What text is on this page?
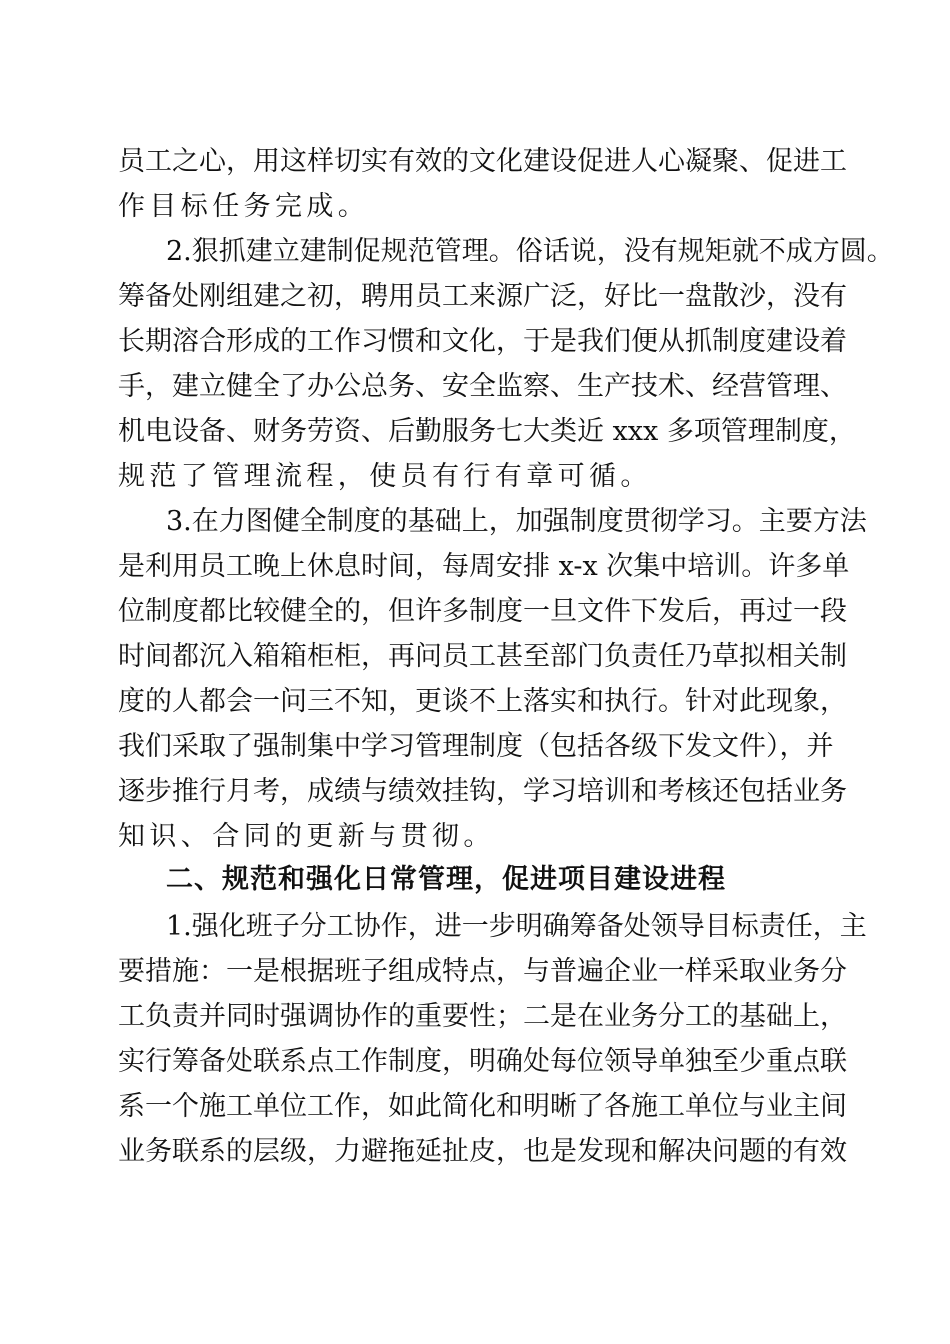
员工之心，用这样切实有效的文化建设促进人心凝聚、促进工
作目标任务完成。
2.狠抓建立建制促规范管理。俗话说，没有规矩就不成方圆。
筹备处刚组建之初，聘用员工来源广泛，好比一盘散沙，没有
长期溶合形成的工作习惯和文化，于是我们便从抓制度建设着
手，建立健全了办公总务、安全监察、生产技术、经营管理、
机电设备、财务劳资、后勤服务七大类近 xxx 多项管理制度，
规范了管理流程，使员有行有章可循。
3.在力图健全制度的基础上，加强制度贯彻学习。主要方法
是利用员工晚上休息时间，每周安排 x-x 次集中培训。许多单
位制度都比较健全的，但许多制度一旦文件下发后，再过一段
时间都沉入箱箱柜柜，再问员工甚至部门负责任乃草拟相关制
度的人都会一问三不知，更谈不上落实和执行。针对此现象，
我们采取了强制集中学习管理制度（包括各级下发文件），并
逐步推行月考，成绩与绩效挂钩，学习培训和考核还包括业务
知识、合同的更新与贯彻。
二、规范和强化日常管理，促进项目建设进程
1.强化班子分工协作，进一步明确筹备处领导目标责任，主
要措施：一是根据班子组成特点，与普遍企业一样采取业务分
工负责并同时强调协作的重要性；二是在业务分工的基础上，
实行筹备处联系点工作制度，明确处每位领导单独至少重点联
系一个施工单位工作，如此简化和明晰了各施工单位与业主间
业务联系的层级，力避拖延扯皮，也是发现和解决问题的有效
